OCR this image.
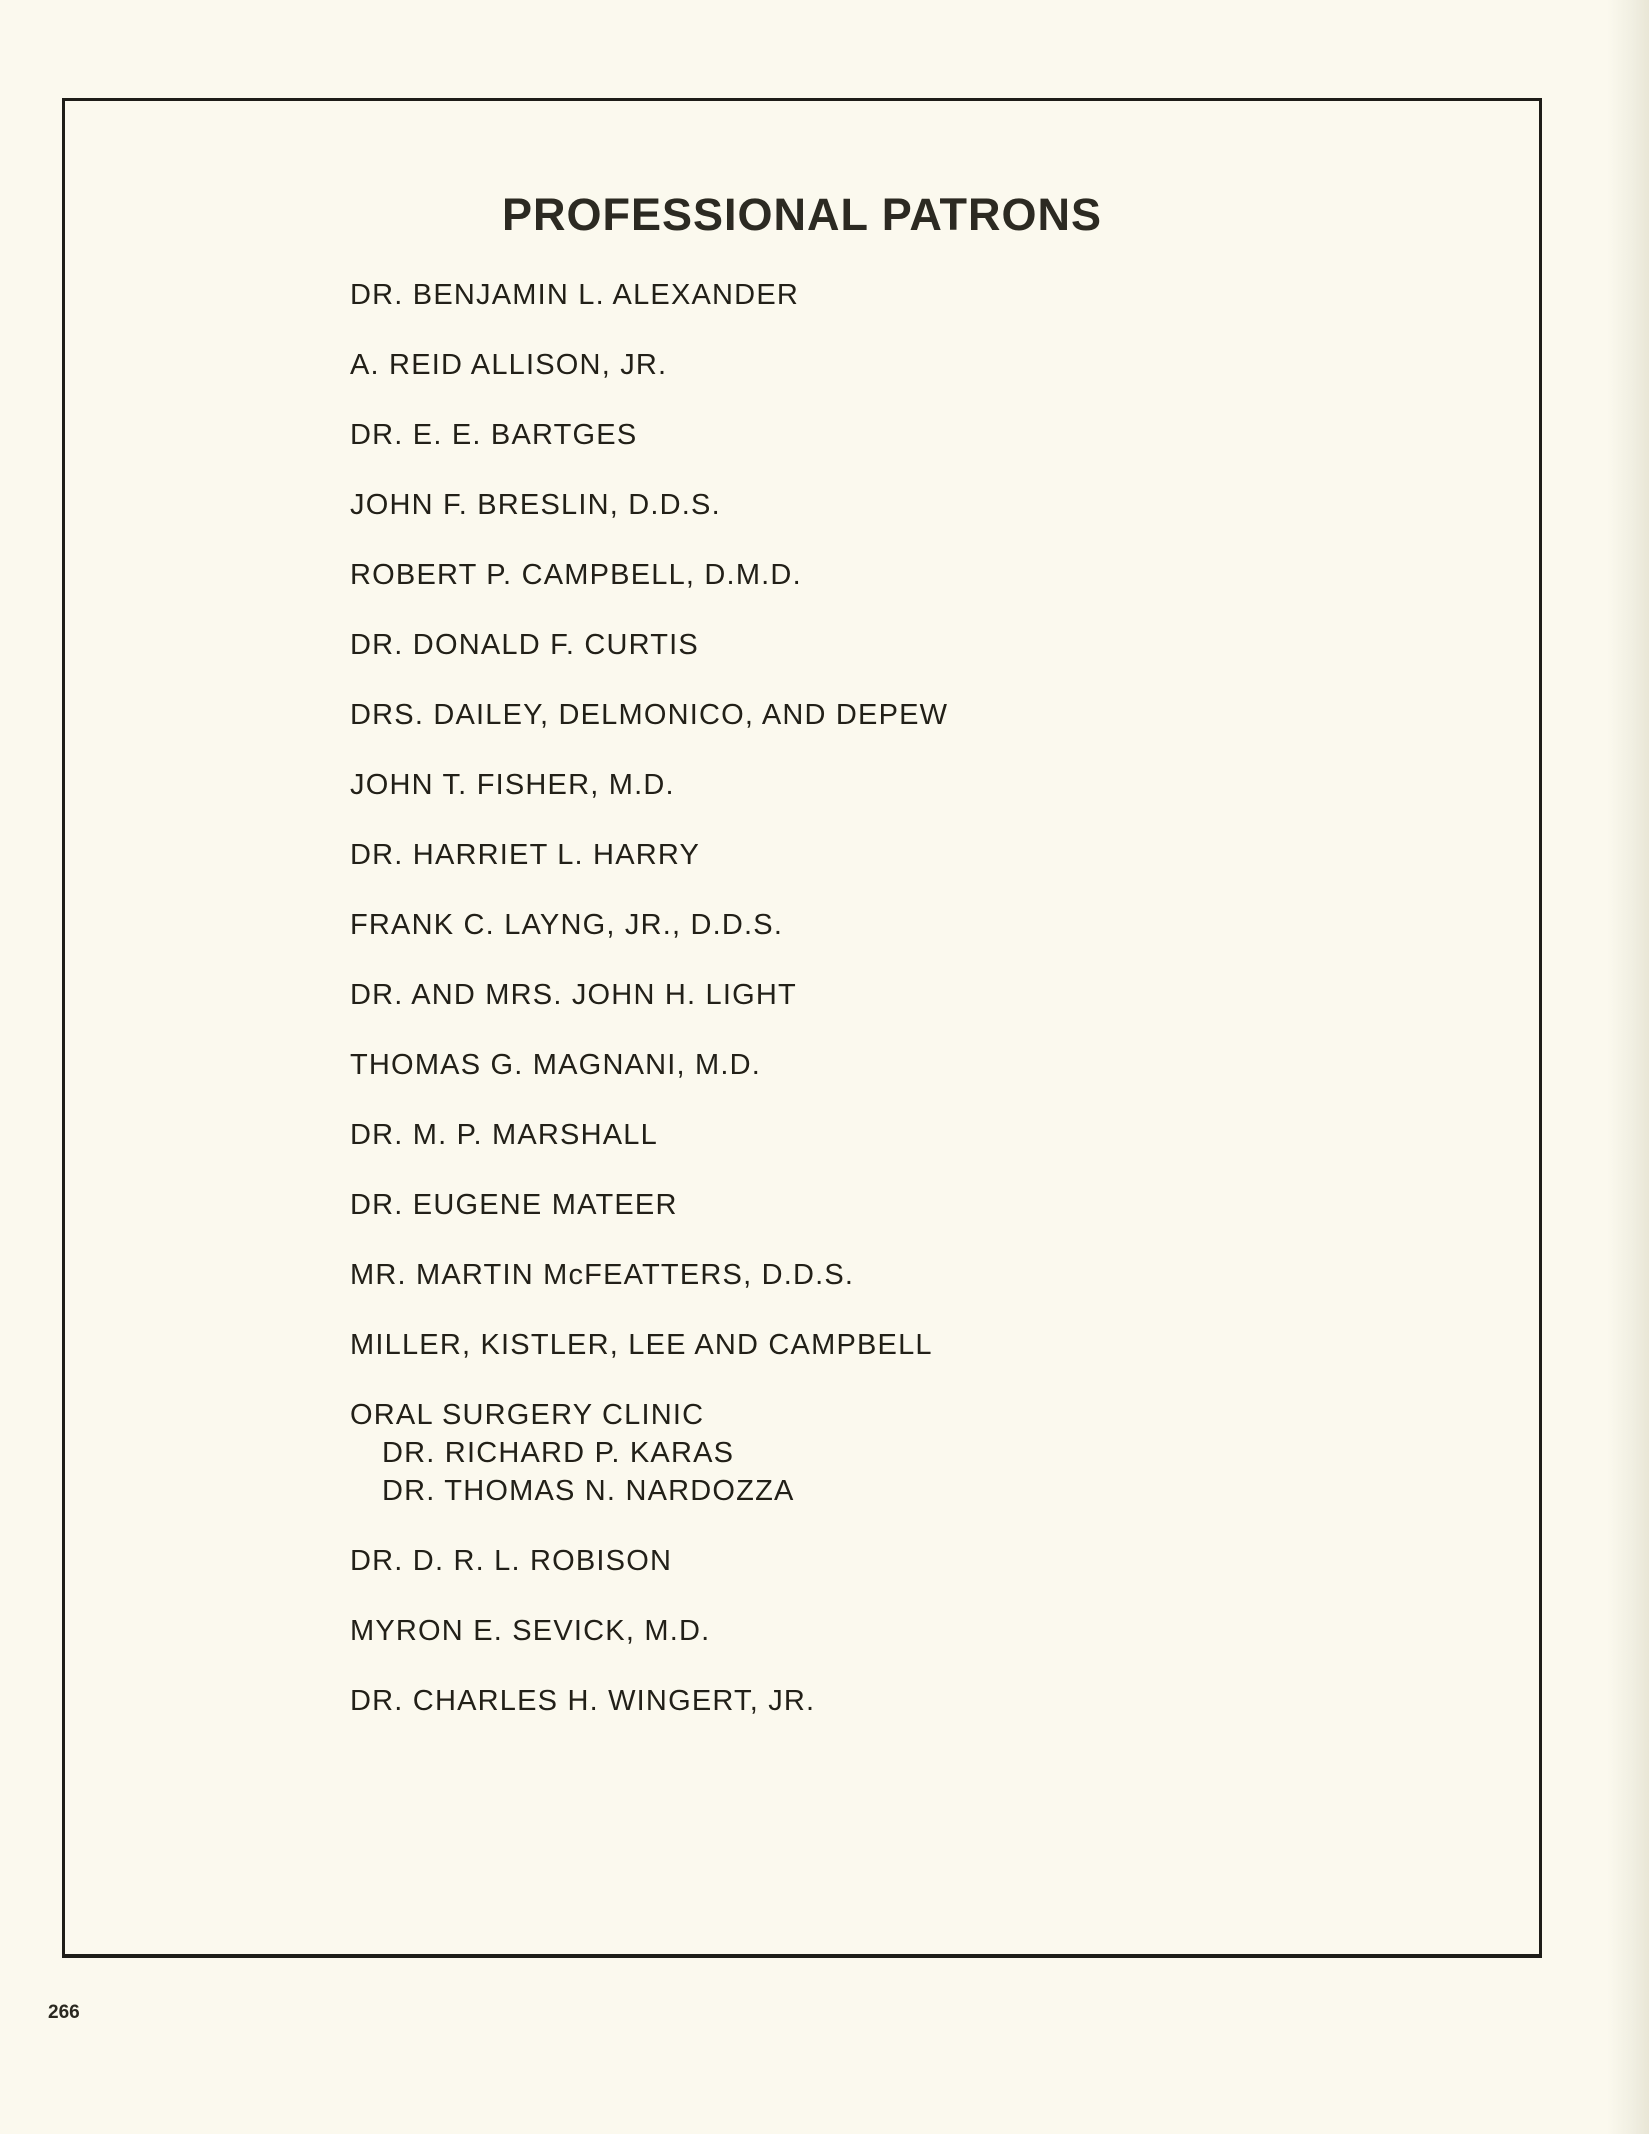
PROFESSIONAL PATRONS
DR. BENJAMIN L. ALEXANDER
A. REID ALLISON, JR.
DR. E. E. BARTGES
JOHN F. BRESLIN, D.D.S.
ROBERT P. CAMPBELL, D.M.D.
DR. DONALD F. CURTIS
DRS. DAILEY, DELMONICO, AND DEPEW
JOHN T. FISHER, M.D.
DR. HARRIET L. HARRY
FRANK C. LAYNG, JR., D.D.S.
DR. AND MRS. JOHN H. LIGHT
THOMAS G. MAGNANI, M.D.
DR. M. P. MARSHALL
DR. EUGENE MATEER
MR. MARTIN McFEATTERS, D.D.S.
MILLER, KISTLER, LEE AND CAMPBELL
ORAL SURGERY CLINIC
DR. RICHARD P. KARAS
DR. THOMAS N. NARDOZZA
DR. D. R. L. ROBISON
MYRON E. SEVICK, M.D.
DR. CHARLES H. WINGERT, JR.
266
